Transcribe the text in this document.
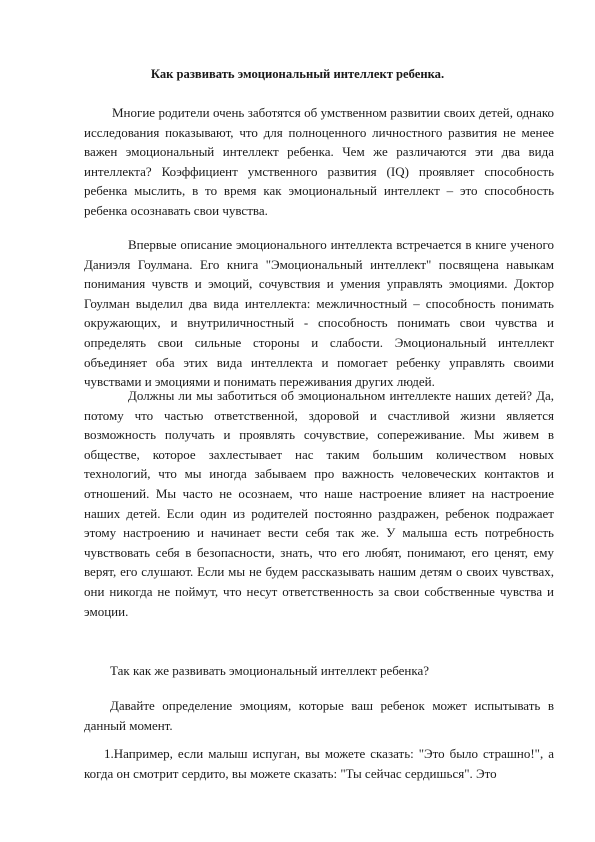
Как развивать эмоциональный интеллект ребенка.

Многие родители очень заботятся об умственном развитии своих детей, однако исследования показывают, что для полноценного личностного развития не менее важен эмоциональный интеллект ребенка. Чем же различаются эти два вида интеллекта? Коэффициент умственного развития (IQ) проявляет способность ребенка мыслить, в то время как эмоциональный интеллект – это способность ребенка осознавать свои чувства.

Впервые описание эмоционального интеллекта встречается в книге ученого Даниэля Гоулмана. Его книга "Эмоциональный интеллект" посвящена навыкам понимания чувств и эмоций, сочувствия и умения управлять эмоциями. Доктор Гоулман выделил два вида интеллекта: межличностный – способность понимать окружающих, и внутриличностный - способность понимать свои чувства и определять свои сильные стороны и слабости. Эмоциональный интеллект объединяет оба этих вида интеллекта и помогает ребенку управлять своими чувствами и эмоциями и понимать переживания других людей.

Должны ли мы заботиться об эмоциональном интеллекте наших детей? Да, потому что частью ответственной, здоровой и счастливой жизни является возможность получать и проявлять сочувствие, сопереживание. Мы живем в обществе, которое захлестывает нас таким большим количеством новых технологий, что мы иногда забываем про важность человеческих контактов и отношений. Мы часто не осознаем, что наше настроение влияет на настроение наших детей. Если один из родителей постоянно раздражен, ребенок подражает этому настроению и начинает вести себя так же. У малыша есть потребность чувствовать себя в безопасности, знать, что его любят, понимают, его ценят, ему верят, его слушают. Если мы не будем рассказывать нашим детям о своих чувствах, они никогда не поймут, что несут ответственность за свои собственные чувства и эмоции.

Так как же развивать эмоциональный интеллект ребенка?

Давайте определение эмоциям, которые ваш ребенок может испытывать в данный момент.

1.Например, если малыш испуган, вы можете сказать: "Это было страшно!", а когда он смотрит сердито, вы можете сказать: "Ты сейчас сердишься". Это
